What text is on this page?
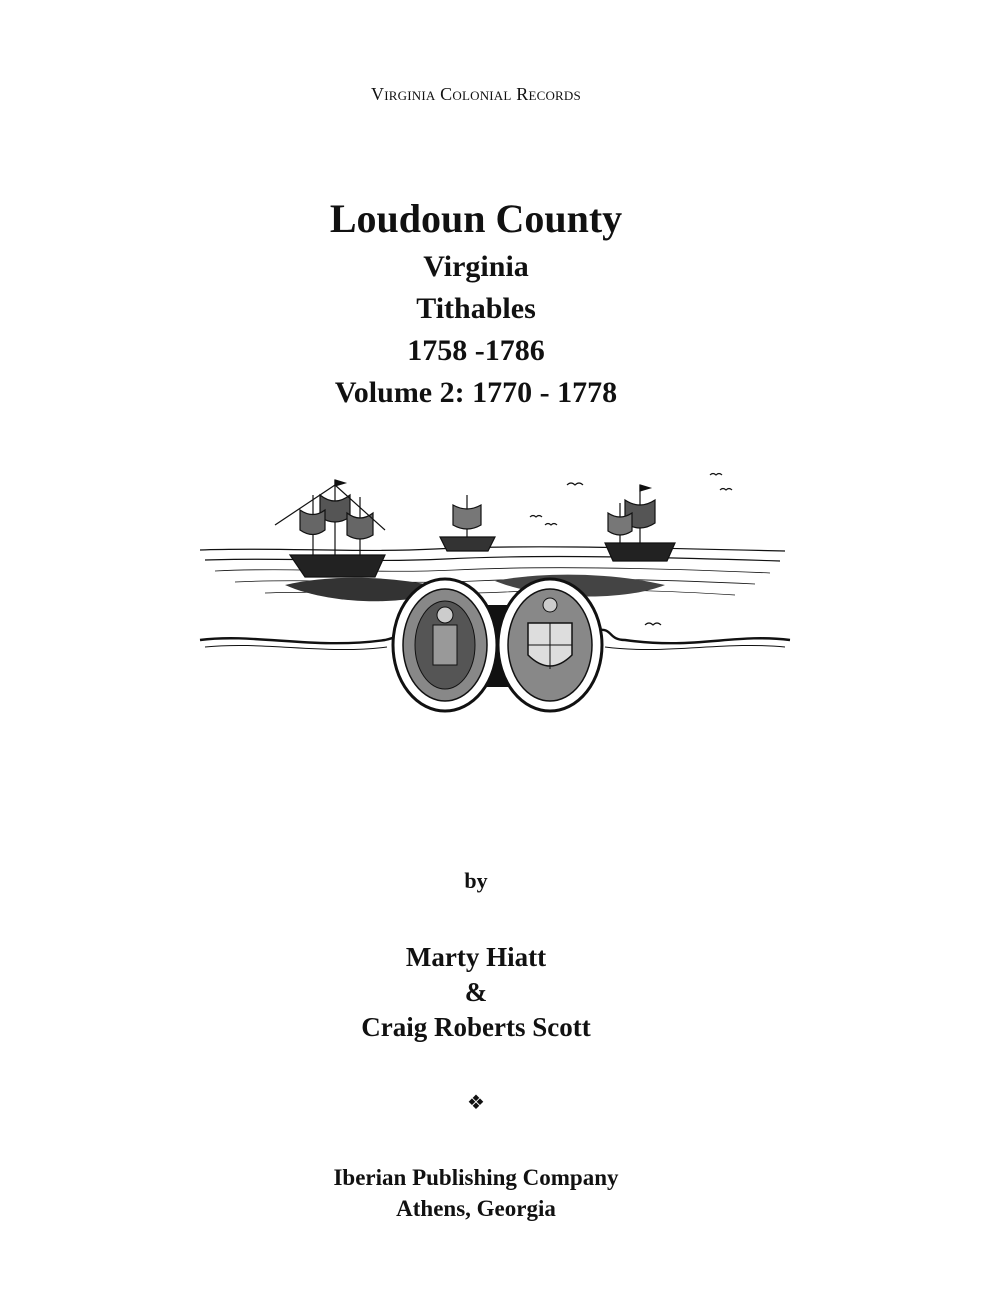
Virginia Colonial Records
Loudoun County
Virginia
Tithables
1758 -1786
Volume 2: 1770 - 1778
by
Marty Hiatt
&
Craig Roberts Scott
❖
Iberian Publishing Company
Athens, Georgia
